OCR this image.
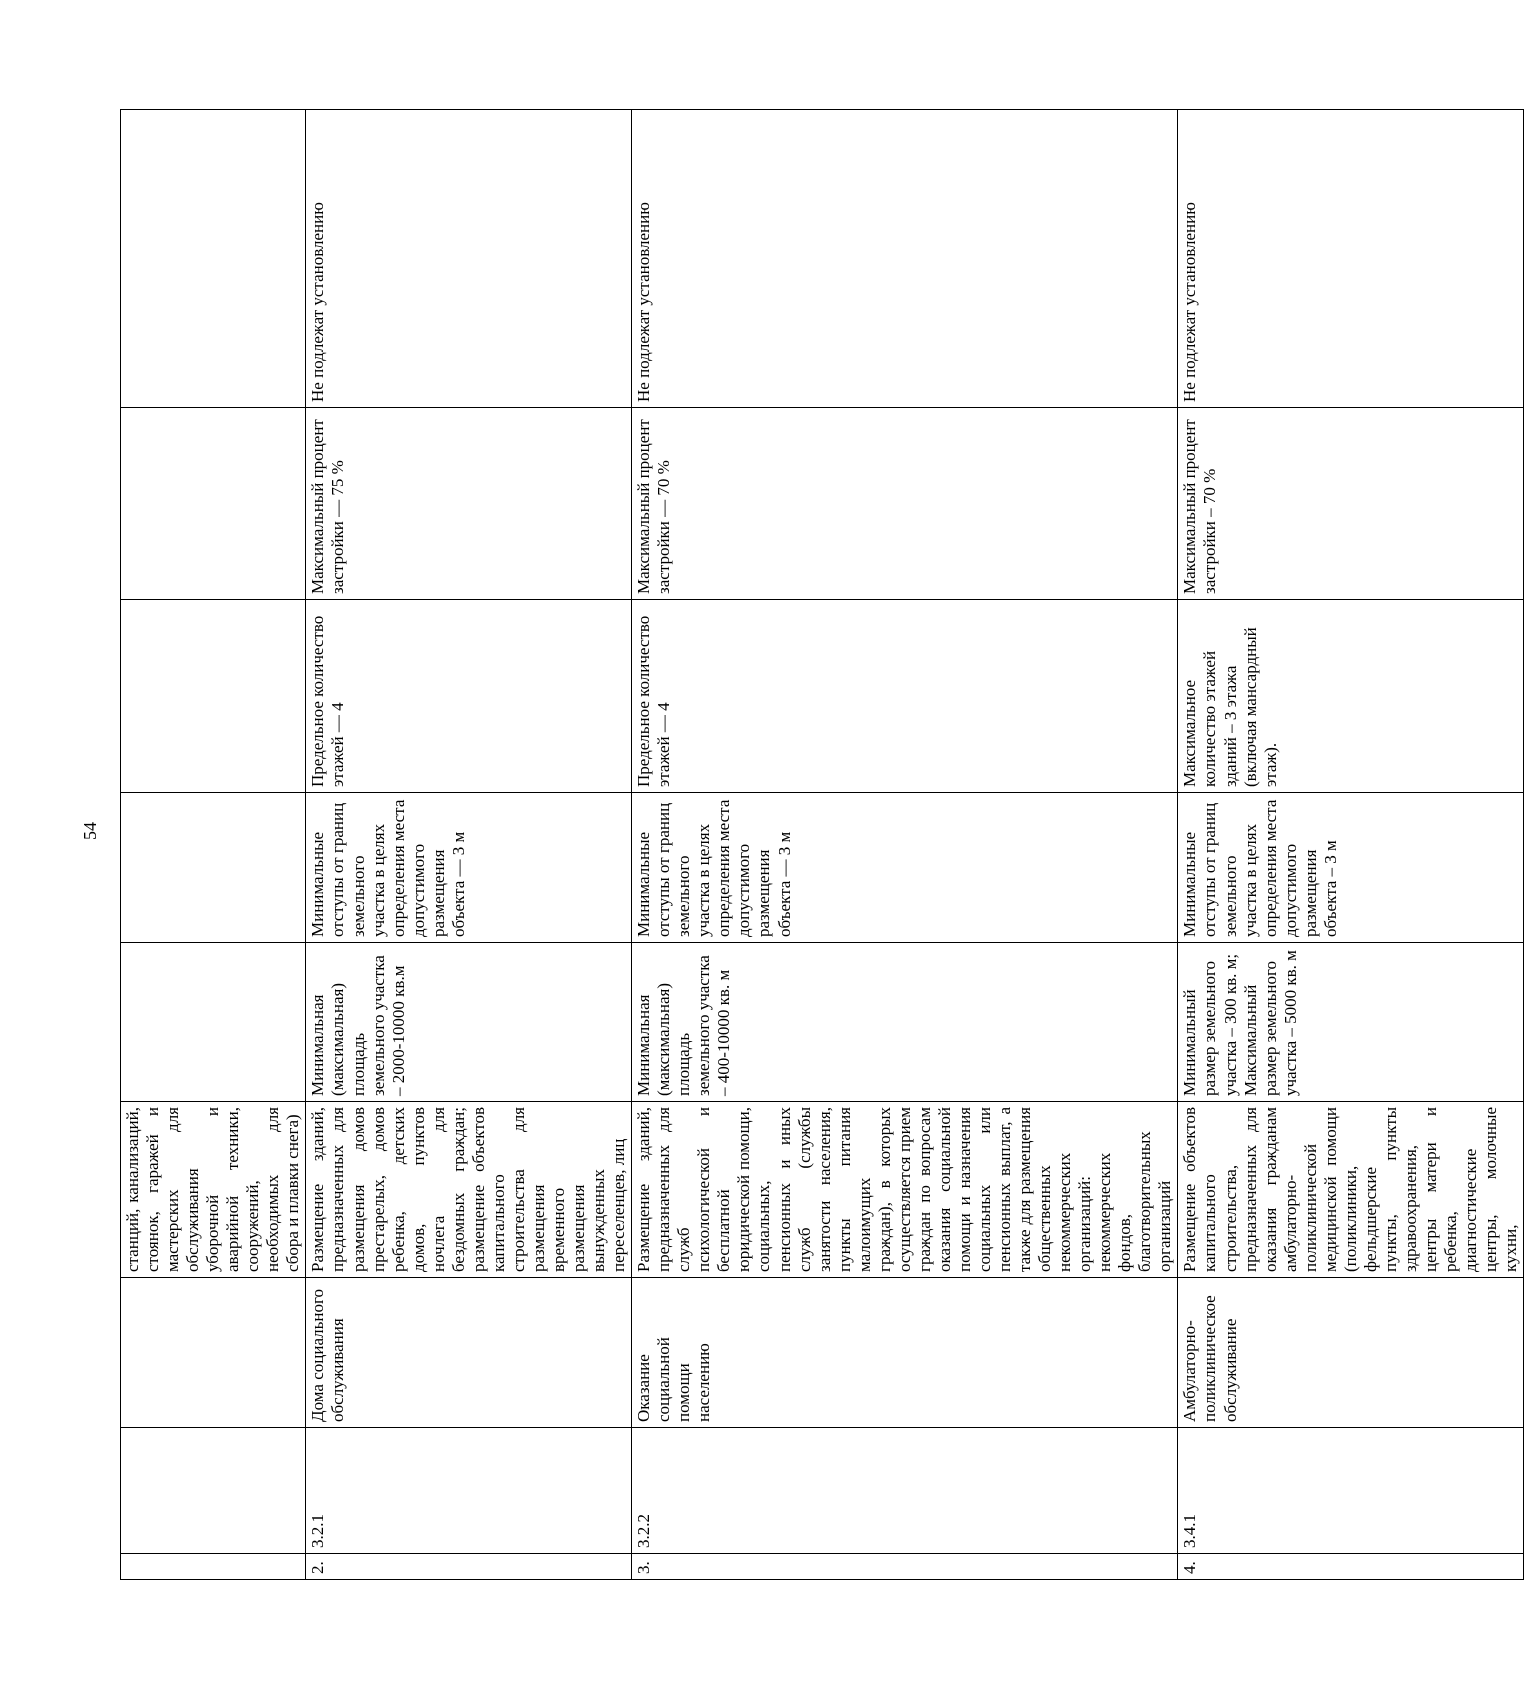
54
			станций, канализаций, стоянок, гаражей и мастерских для обслуживания уборочной и аварийной техники, сооружений, необходимых для сбора и плавки снега)					
2.	3.2.1	Дома социального обслуживания	Размещение зданий, предназначенных для размещения домов престарелых, домов ребенка, детских домов, пунктов ночлега для бездомных граждан; размещение объектов капитального строительства для размещения временного размещения вынужденных переселенцев, лиц	Минимальная (максимальная) площадь земельного участка – 2000-10000 кв.м	Минимальные отступы от границ земельного участка в целях определения места допустимого размещения объекта — 3 м	Предельное количество этажей — 4	Максимальный процент застройки — 75 %	Не подлежат установлению
3.	3.2.2	Оказание социальной помощи населению	Размещение зданий, предназначенных для служб психологической и бесплатной юридической помощи, социальных, пенсионных и иных служб (службы занятости населения, пункты питания малоимущих граждан), в которых осуществляется прием граждан по вопросам оказания социальной помощи и назначения социальных или пенсионных выплат, а также для размещения общественных некоммерческих организаций: некоммерческих фондов, благотворительных организаций	Минимальная (максимальная) площадь земельного участка – 400-10000 кв. м	Минимальные отступы от границ земельного участка в целях определения места допустимого размещения объекта — 3 м	Предельное количество этажей — 4	Максимальный процент застройки — 70 %	Не подлежат установлению
4.	3.4.1	Амбулаторно-поликлиническое обслуживание	Размещение объектов капитального строительства, предназначенных для оказания гражданам амбулаторно-поликлинической медицинской помощи (поликлиники, фельдшерские пункты, пункты здравоохранения, центры матери и ребенка, диагностические центры, молочные кухни,	Минимальный размер земельного участка – 300 кв. м; Максимальный размер земельного участка – 5000 кв. м	Минимальные отступы от границ земельного участка в целях определения места допустимого размещения объекта – 3 м	Максимальное количество этажей зданий – 3 этажа (включая мансардный этаж).	Максимальный процент застройки – 70 %	Не подлежат установлению
